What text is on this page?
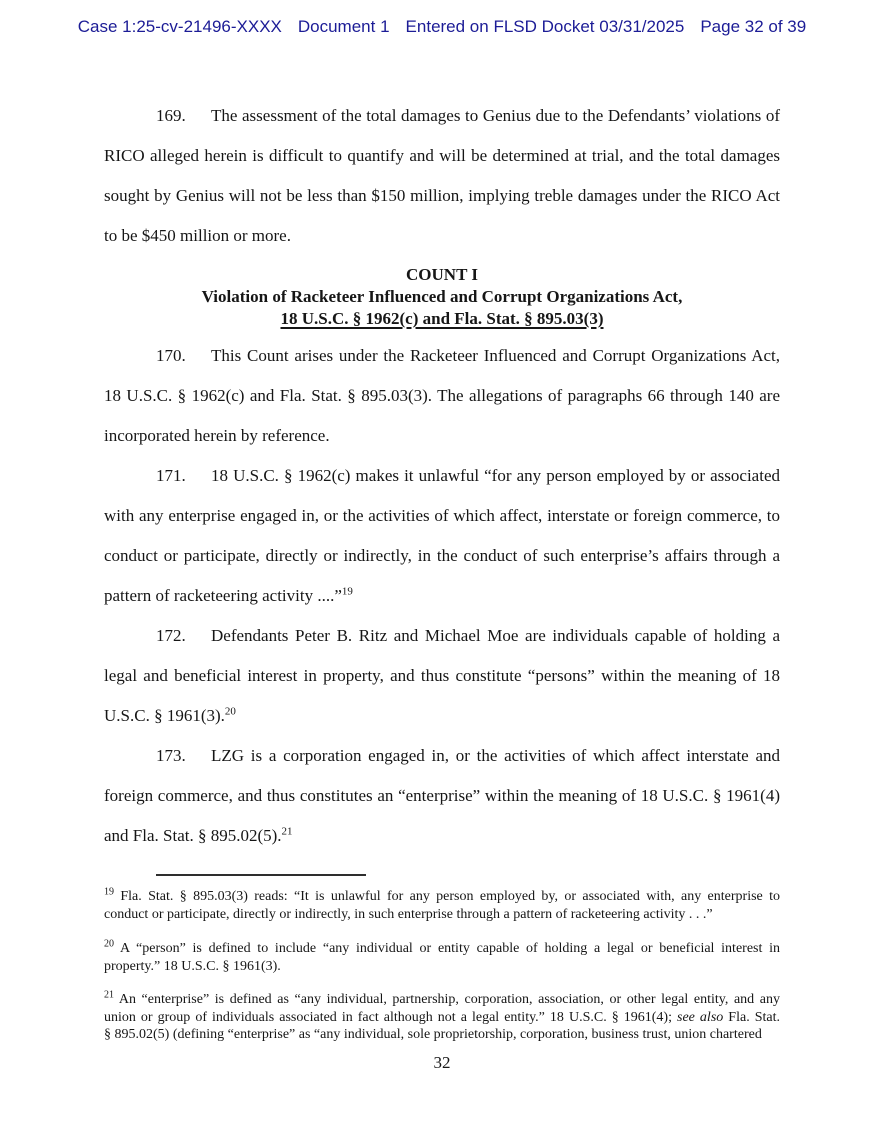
Case 1:25-cv-21496-XXXX Document 1 Entered on FLSD Docket 03/31/2025 Page 32 of 39
169. The assessment of the total damages to Genius due to the Defendants’ violations of
RICO alleged herein is difficult to quantify and will be determined at trial, and the total damages
sought by Genius will not be less than $150 million, implying treble damages under the RICO Act
to be $450 million or more.
COUNT I
Violation of Racketeer Influenced and Corrupt Organizations Act,
18 U.S.C. § 1962(c) and Fla. Stat. § 895.03(3)
170. This Count arises under the Racketeer Influenced and Corrupt Organizations Act,
18 U.S.C. § 1962(c) and Fla. Stat. § 895.03(3). The allegations of paragraphs 66 through 140 are
incorporated herein by reference.
171. 18 U.S.C. § 1962(c) makes it unlawful “for any person employed by or associated
with any enterprise engaged in, or the activities of which affect, interstate or foreign commerce, to
conduct or participate, directly or indirectly, in the conduct of such enterprise’s affairs through a
pattern of racketeering activity ....”$^{19}$
172. Defendants Peter B. Ritz and Michael Moe are individuals capable of holding a
legal and beneficial interest in property, and thus constitute “persons” within the meaning of 18
U.S.C. § 1961(3).$^{20}$
173. LZG is a corporation engaged in, or the activities of which affect interstate and
foreign commerce, and thus constitutes an “enterprise” within the meaning of 18 U.S.C. § 1961(4)
and Fla. Stat. § 895.02(5).$^{21}$
$^{19}$ Fla. Stat. § 895.03(3) reads: “It is unlawful for any person employed by, or associated with, any enterprise to
conduct or participate, directly or indirectly, in such enterprise through a pattern of racketeering activity . . .”
$^{20}$ A “person” is defined to include “any individual or entity capable of holding a legal or beneficial interest in
property.” 18 U.S.C. § 1961(3).
$^{21}$ An “enterprise” is defined as “any individual, partnership, corporation, association, or other legal entity, and any
union or group of individuals associated in fact although not a legal entity.” 18 U.S.C. § 1961(4); see also Fla. Stat.
§ 895.02(5) (defining “enterprise” as “any individual, sole proprietorship, corporation, business trust, union chartered
32
